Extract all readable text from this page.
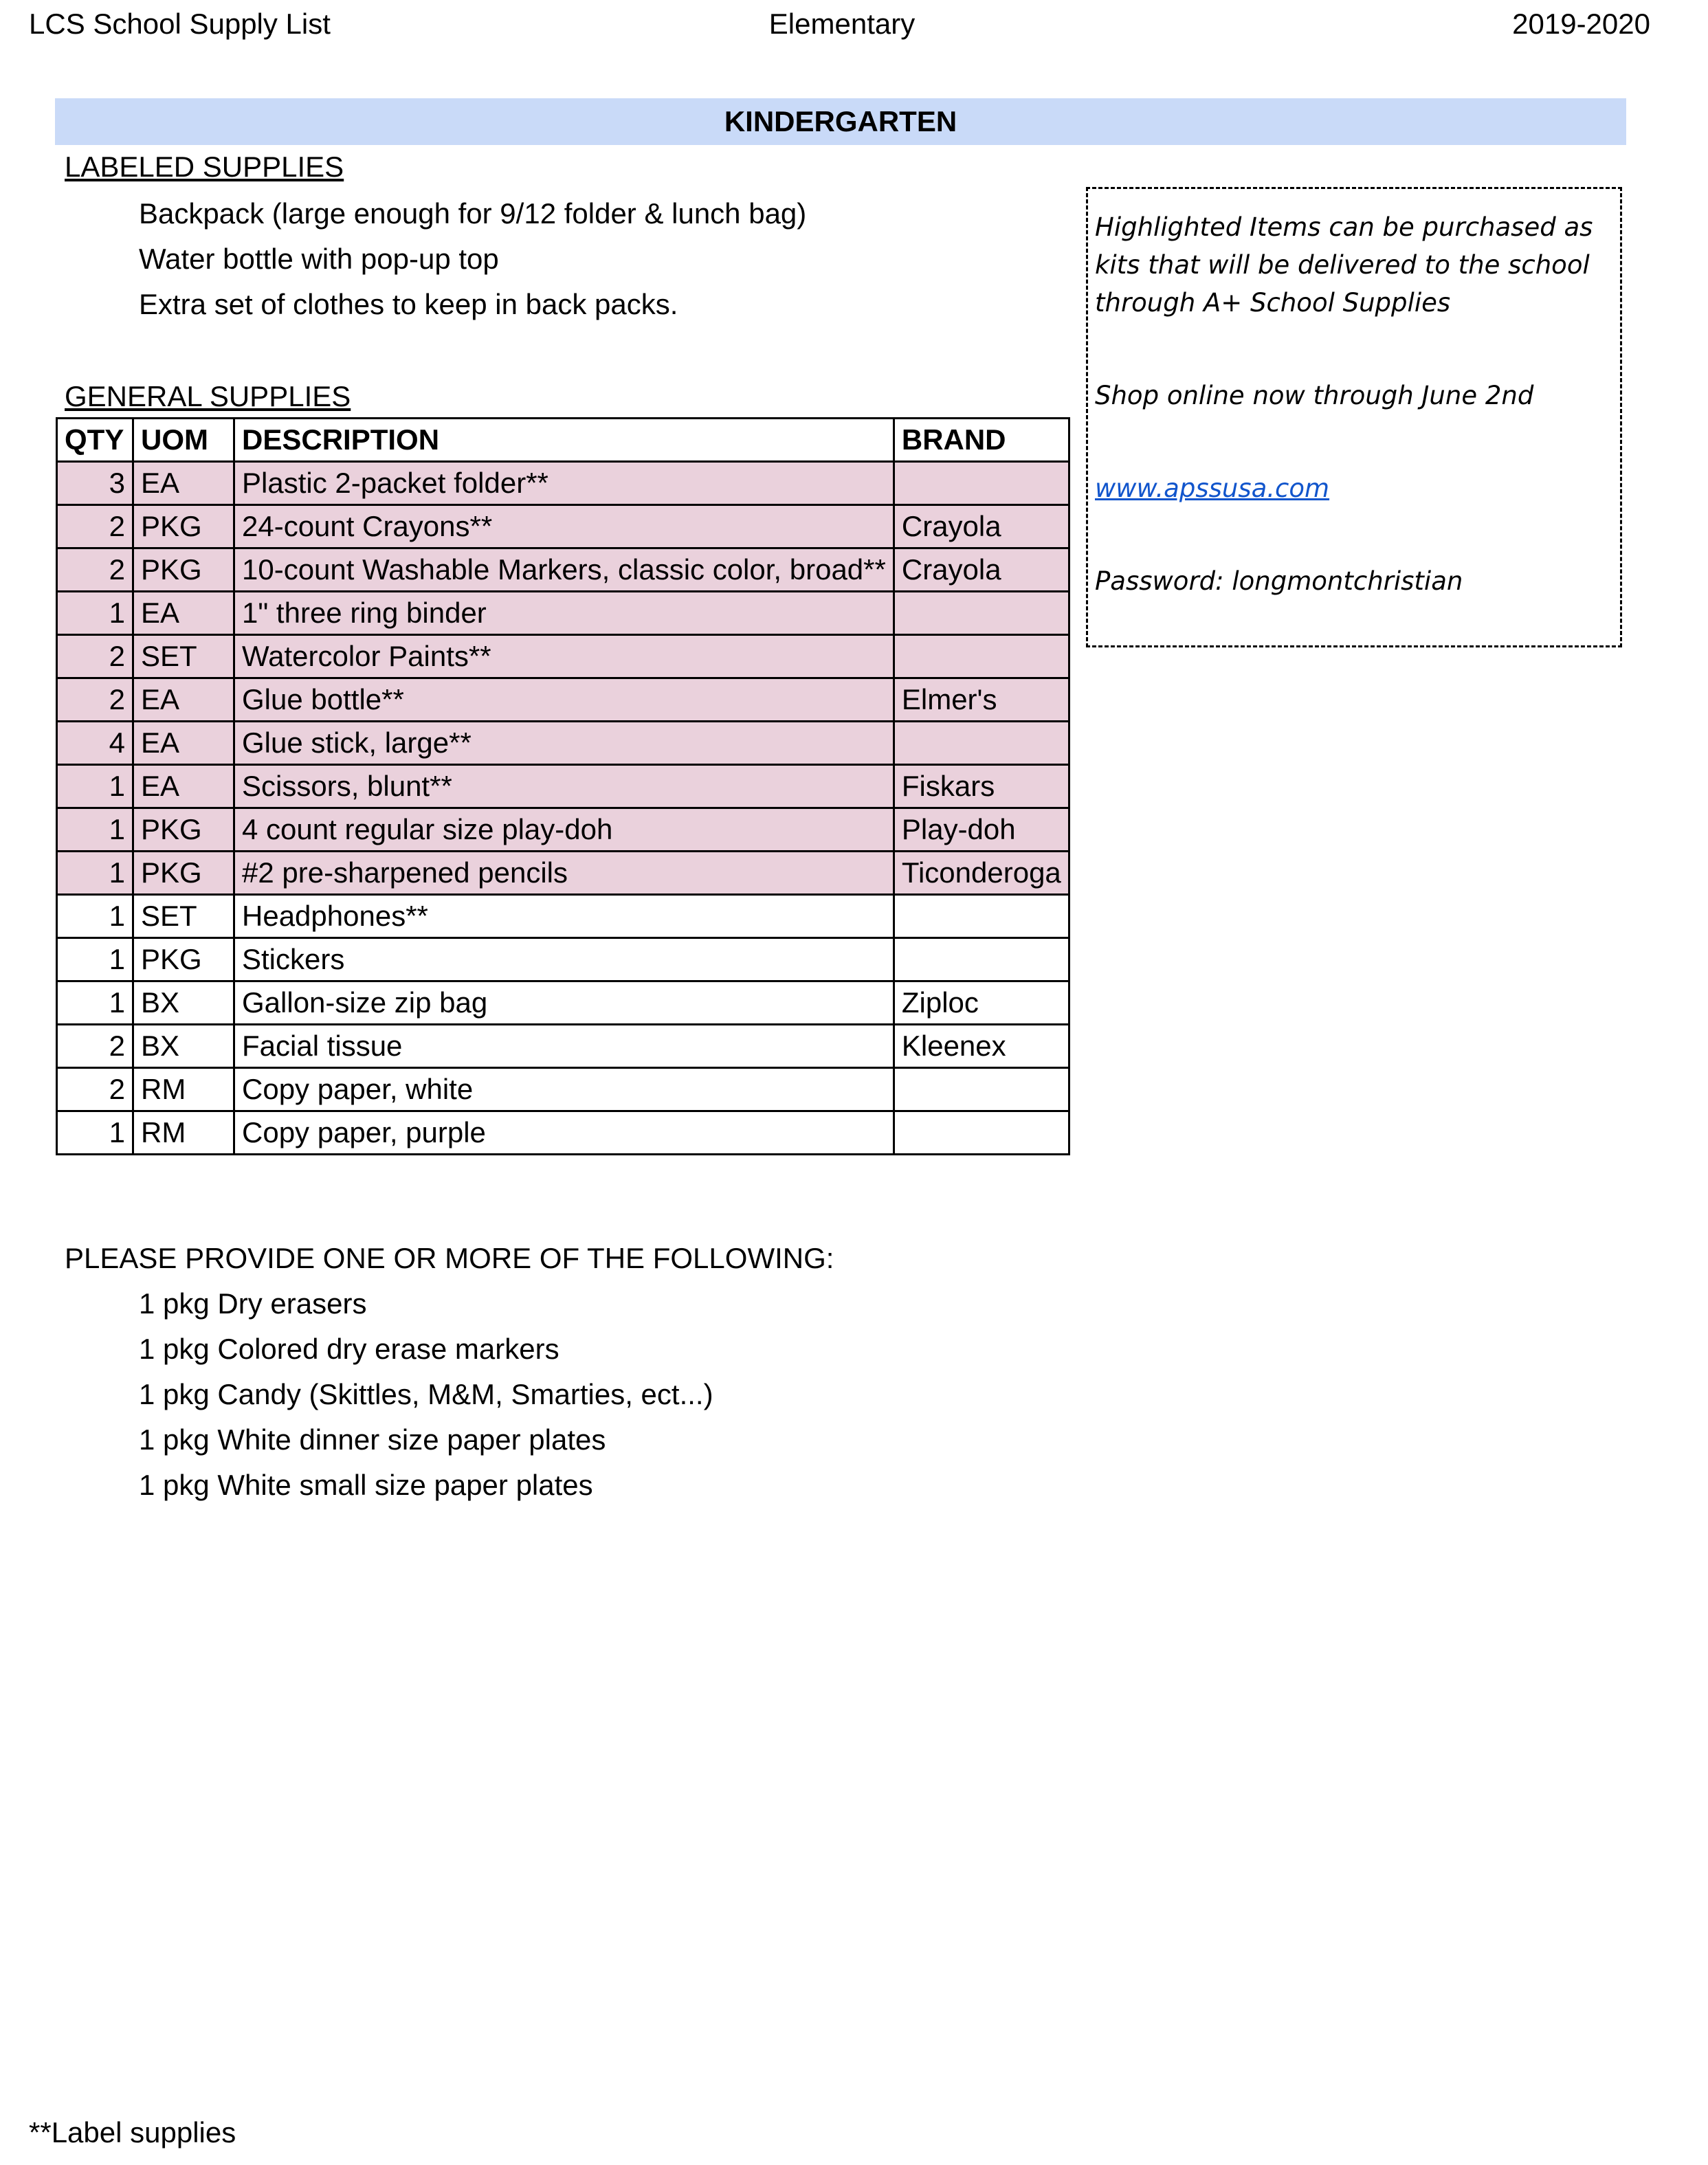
LCS School Supply List	Elementary	2019-2020
KINDERGARTEN
LABELED SUPPLIES
Backpack (large enough for 9/12 folder & lunch bag)
Water bottle with pop-up top
Extra set of clothes to keep in back packs.
GENERAL SUPPLIES
QTY	UOM	DESCRIPTION	BRAND
3	EA	Plastic 2-packet folder**	
2	PKG	24-count Crayons**	Crayola
2	PKG	10-count Washable Markers, classic color, broad**	Crayola
1	EA	1" three ring binder	
2	SET	Watercolor Paints**	
2	EA	Glue bottle**	Elmer's
4	EA	Glue stick, large**	
1	EA	Scissors, blunt**	Fiskars
1	PKG	4 count regular size play-doh	Play-doh
1	PKG	#2 pre-sharpened pencils	Ticonderoga
1	SET	Headphones**	
1	PKG	Stickers	
1	BX	Gallon-size zip bag	Ziploc
2	BX	Facial tissue	Kleenex
2	RM	Copy paper, white	
1	RM	Copy paper, purple	

Highlighted Items can be purchased as kits that will be delivered to the school through A+ School Supplies

Shop online now through June 2nd

www.apssusa.com

Password: longmontchristian

PLEASE PROVIDE ONE OR MORE OF THE FOLLOWING:
1 pkg Dry erasers
1 pkg Colored dry erase markers
1 pkg Candy (Skittles, M&M, Smarties, ect...)
1 pkg White dinner size paper plates
1 pkg White small size paper plates
**Label supplies
